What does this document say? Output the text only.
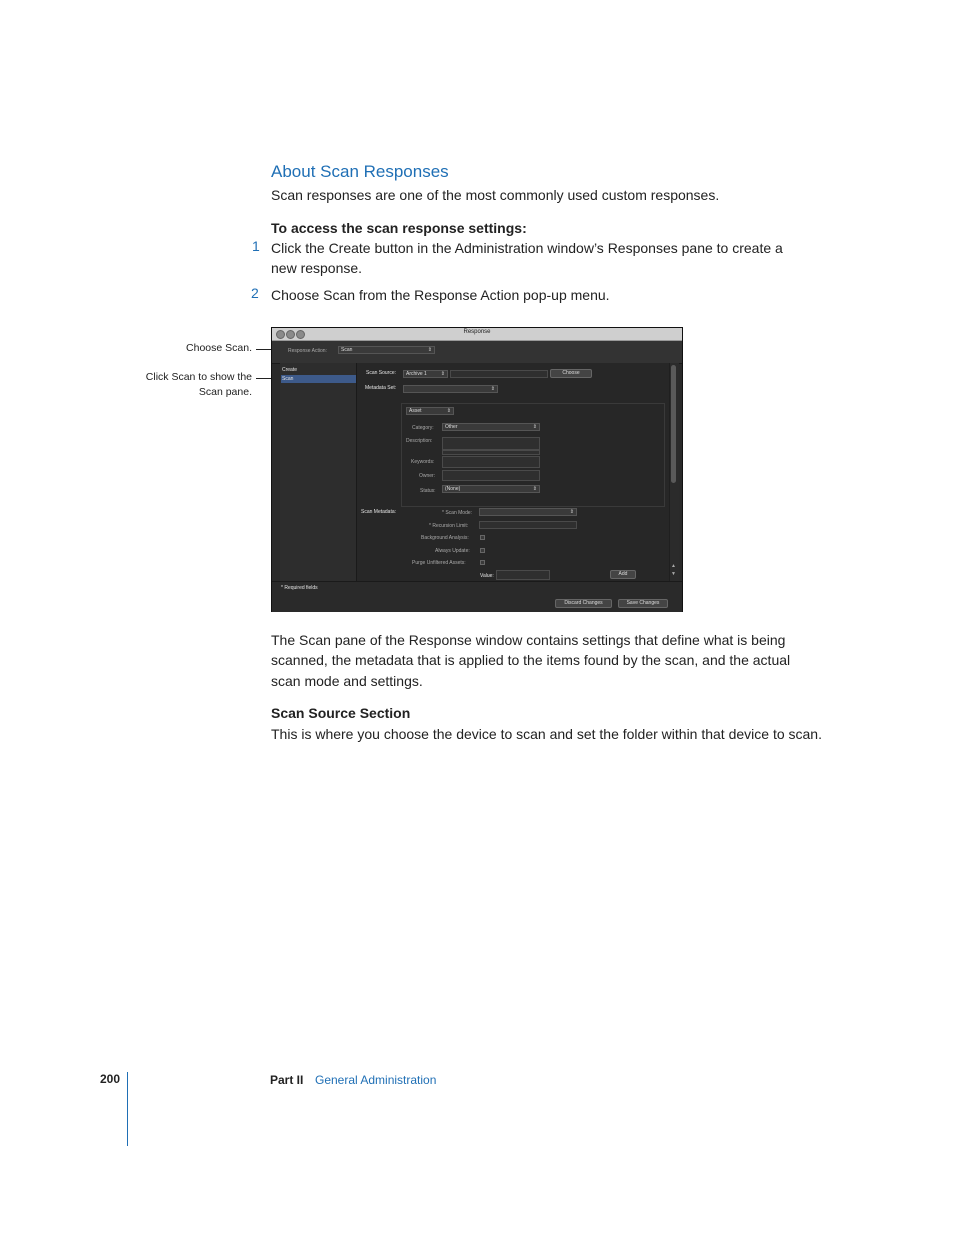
About Scan Responses
Scan responses are one of the most commonly used custom responses.
To access the scan response settings:
1 Click the Create button in the Administration window’s Responses pane to create a
new response.
2 Choose Scan from the Response Action pop-up menu.
Choose Scan.
Click Scan to show the
Scan pane.
Response
Response Action:	Scan	⇕
Create
Scan
Scan Source:	Archive 1	⇕	Choose
Metadata Set:	⇕
Asset	⇕
Category:	Other	⇕
Description:
Keywords:
Owner:
Status:	(None)	⇕
Scan Metadata:	* Scan Mode:	⇕
* Recursion Limit:
Background Analysis:
Always Update:
Purge Unfiltered Assets:
Value:	Add
▲
▼
* Required fields
Discard Changes	Save Changes
The Scan pane of the Response window contains settings that define what is being
scanned, the metadata that is applied to the items found by the scan, and the actual
scan mode and settings.
Scan Source Section
This is where you choose the device to scan and set the folder within that device to scan.
200	Part II General Administration
